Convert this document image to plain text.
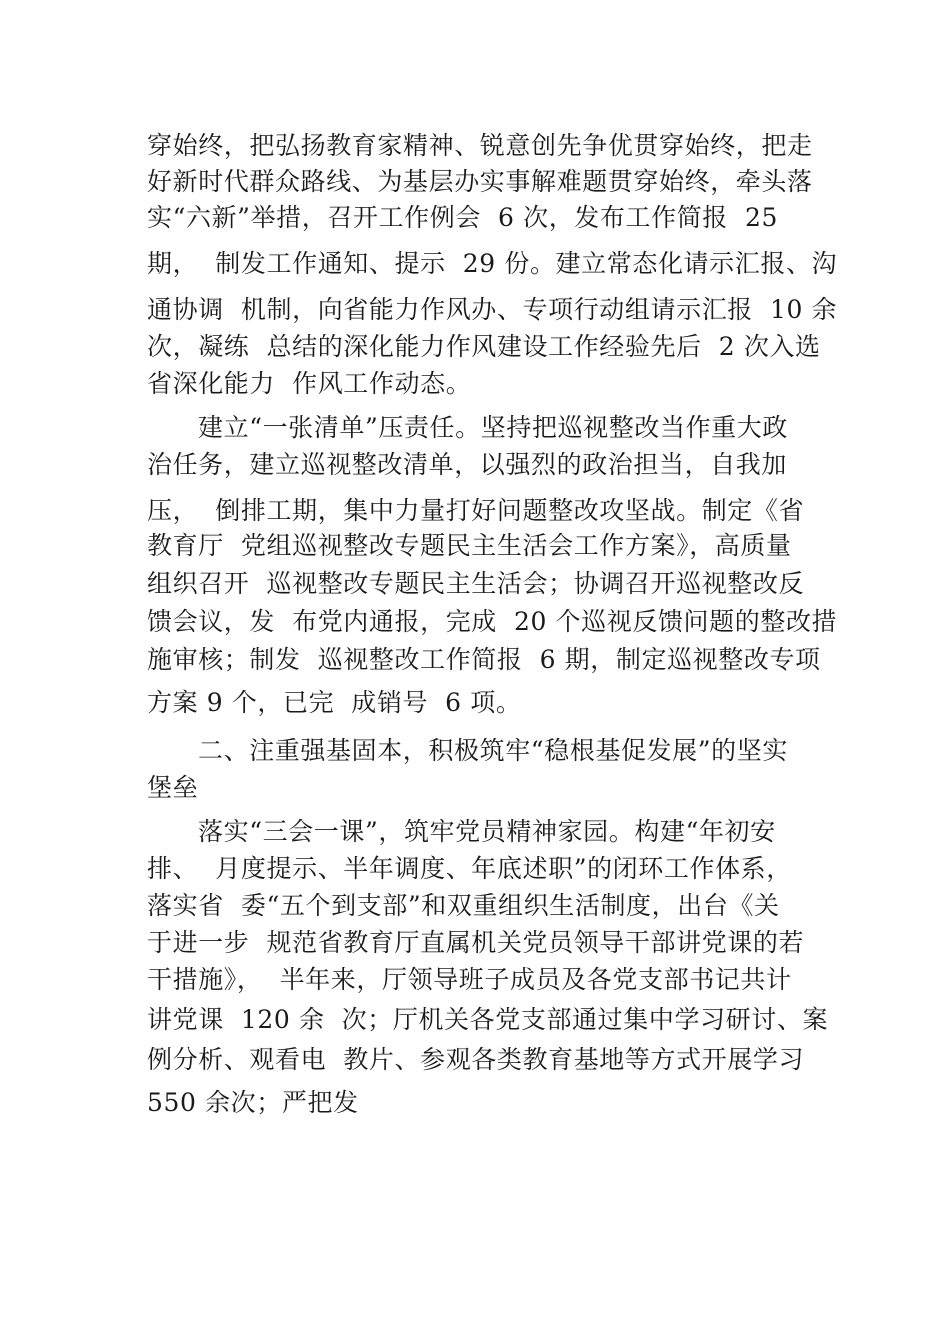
穿始终，把弘扬教育家精神、锐意创先争优贯穿始终，把走
好新时代群众路线、为基层办实事解难题贯穿始终，牵头落
实“六新”举措，召开工作例会  6 次，发布工作简报  25
期，  制发工作通知、提示  29 份。建立常态化请示汇报、沟
通协调  机制，向省能力作风办、专项行动组请示汇报  10 余
次，凝练  总结的深化能力作风建设工作经验先后  2 次入选
省深化能力  作风工作动态。
建立“一张清单”压责任。坚持把巡视整改当作重大政
治任务，建立巡视整改清单，以强烈的政治担当，自我加
压，  倒排工期，集中力量打好问题整改攻坚战。制定《省
教育厅  党组巡视整改专题民主生活会工作方案》，高质量
组织召开  巡视整改专题民主生活会；协调召开巡视整改反
馈会议，发  布党内通报，完成  20 个巡视反馈问题的整改措
施审核；制发  巡视整改工作简报  6 期，制定巡视整改专项
方案 9 个，已完  成销号  6 项。
二、注重强基固本，积极筑牢“稳根基促发展”的坚实
堡垒
落实“三会一课”，筑牢党员精神家园。构建“年初安
排、  月度提示、半年调度、年底述职”的闭环工作体系，
落实省  委“五个到支部”和双重组织生活制度，出台《关
于进一步  规范省教育厅直属机关党员领导干部讲党课的若
干措施》，  半年来，厅领导班子成员及各党支部书记共计
讲党课  120 余  次；厅机关各党支部通过集中学习研讨、案
例分析、观看电  教片、参观各类教育基地等方式开展学习
550 余次；严把发
